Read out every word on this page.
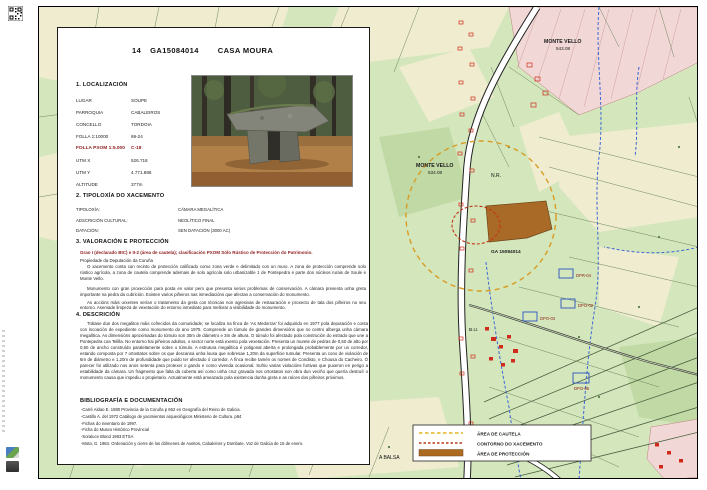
MONTE VELLO
543.08
MONTE VELLO
534.08
N.R.
B.U.
A BALSA
GA 15084014
DPR-04
DPO-02
DPO-03
DPO-05
ÁREA DE CAUTELA
CONTORNO DO XACEMENTO
ÁREA DE PROTECCIÓN
14 GA15084014	CASA MOURA
1. LOCALIZACIÓN
LUGAR	SOUPE
PARROQUIA	CABALEIROS
CONCELLO	TORDOIA
FOLLA 1:10000	69-24
FOLLA PXOM 1:5.000	C-18
UTM X	526.718
UTM Y	4.771.886
ALTITUDE	377m
2. TIPOLOXÍA DO XACEMENTO
TIPOLOXÍA:	CÁMARA MEGALÍTICA
ADSCRICIÓN CULTURAL:	NEOLÍTICO FINAL
DATACIÓN:	SEN DATACIÓN (3000 AC)
3. VALORACIÓN E PROTECCIÓN
Grao I (declarado BIC) e II-2 (área de cautela); clasificación PXOM Sólo Rústico de Protección do Patrimonio.
Propiedade da Deputación da Coruña
O xacemento conta cun recinto de protección calificado como zona verde e delimitado con un muro. A zona de protección comprende solo rústico agrícola, a zona de cautela comprende ademais de solo agrícola solo urbanizable 1 de Pontepedra e parte dos núcleos rurais de Soule e Monte Vello.
Monumento con gran proxección para posta en valor pero que presenta serios problemas de conservación. A cámara presenta unha greta importante na pedra da cubrición. Existen varios piñeiros nas inmediacións que afectan a conservación do monumento.
As accións máis urxentes serían o tratamento da greta con técnicas non agresivas de restauración e proxecto de tala dos piñeiros no seu entorno. Asemade limpeza de vexetación do entorno inmediato para mellorar a visibilidade do monumento.
4. DESCRICIÓN
Trátase dun dos megalitos máis coñecidos da comunidade; se localiza na finca de 'As Medorras' foi adquirido en 1977 pola deputación e conta con incoación de expediente como monumento do ano 1975. Comprende un túmulo de grandes dimensións que no centro alberga unha cámara megalítica. As dimensións aproximadas do túmulo son 30m de diámetro e 3m de altura. O túmulo foi afectado pola construción do estrado que une a Pontepedra coa Telilla. No entorno hai piñeiros adultos, o sector norte está exento pola vexetación. Presenta un murete de pedras de 0,50 de alto por 0,60 de ancho construído paralelamente sobre o túmulo. A estrutura megalítica é poligonal aberta e prolongada probablemente por un corredor, estando composta por 7 ortostatos sobre os que descansa unha lousa que sobresae 1,20m da superficie tumular. Presenta un cono de violación de 6m de diámetro e 1,20m de profundidade que puido ter afectado ó corredor. A finca recibe tamén os nomes de Condisto, e Chousa do Cacheiro. Ó parecer foi utilizado nos anos setenta para protexer o gando e como vivenda ocasional. Sufriu varias violacións furtivas que puxeron en perigo a estabilidade da cámara. Un fragmento que falta da cuberta así como unha cruz gravada nos ortostatos son obra dun veciño que quería destruír o monumento causa que impediu o propietario. Actualmente está ameazado pola existencia dunha greta e as raíces dos piñeiros próximos.
BIBLIOGRAFÍA E DOCUMENTACIÓN
-Carré Aldao E. 1980 Provincia de la Coruña p 662 en Geografía del Reino de Galicia.
-Castillo A. del 1972 Catálogo de yacimientos arqueológicos Ministerio de Cultura. p84
-Fichas do inventario de 1997.
-Ficha do Museo Histórico Provincial
-Soraluce Blond 1983 ETSA
-Mota, G. 1984. Ordenación y cierre de los dólmenes de Axeitos, Cabaleiros y Dombate. Voz de Galicia de 15 de enero.
